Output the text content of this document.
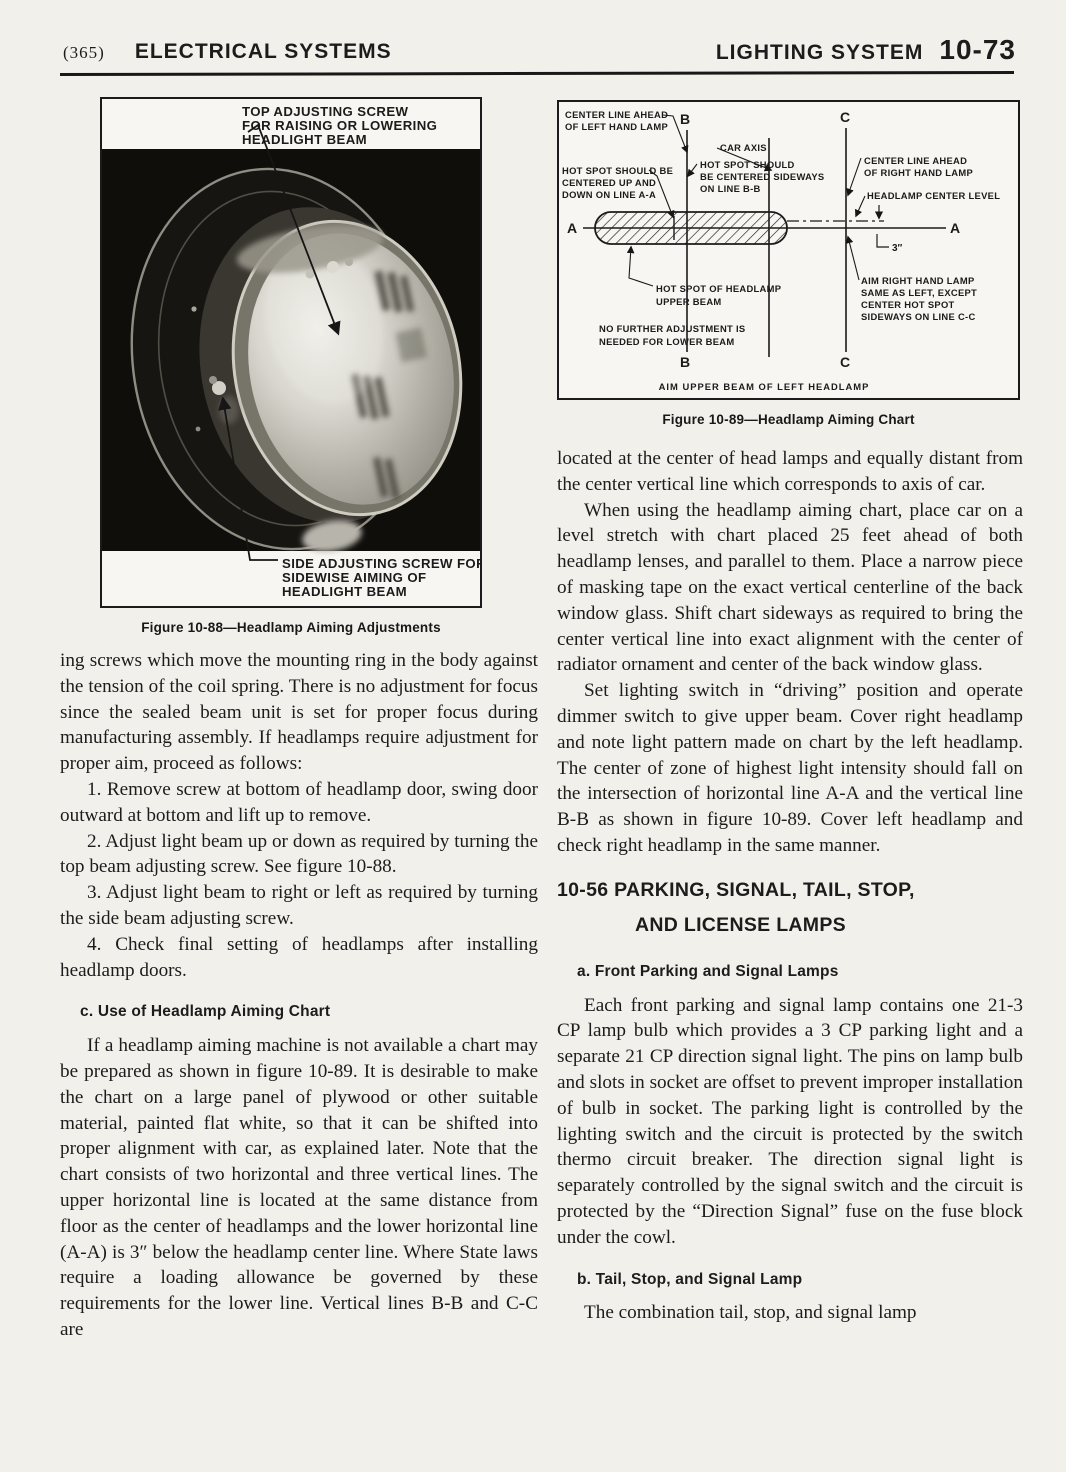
(365) ELECTRICAL SYSTEMS	LIGHTING SYSTEM 10-73
TOP ADJUSTING SCREW
FOR RAISING OR LOWERING
HEADLIGHT BEAM
SIDE ADJUSTING SCREW FOR
SIDEWISE AIMING OF
HEADLIGHT BEAM
Figure 10-88—Headlamp Aiming Adjustments
CENTER LINE AHEAD
OF LEFT HAND LAMP B	C
CAR AXIS
HOT SPOT SHOULD BE
CENTERED UP AND
DOWN ON LINE A-A
HOT SPOT SHOULD
BE CENTERED SIDEWAYS
ON LINE B-B
CENTER LINE AHEAD
OF RIGHT HAND LAMP
HEADLAMP CENTER LEVEL
A	A
3″
HOT SPOT OF HEADLAMP
UPPER BEAM
NO FURTHER ADJUSTMENT IS
NEEDED FOR LOWER BEAM
B	C
AIM RIGHT HAND LAMP
SAME AS LEFT, EXCEPT
CENTER HOT SPOT
SIDEWAYS ON LINE C-C
AIM UPPER BEAM OF LEFT HEADLAMP
Figure 10-89—Headlamp Aiming Chart

ing screws which move the mounting ring in the body against the tension of the coil spring. There is no adjustment for focus since the sealed beam unit is set for proper focus during manufacturing assembly. If headlamps require adjustment for proper aim, proceed as follows:

1. Remove screw at bottom of headlamp door, swing door outward at bottom and lift up to remove.

2. Adjust light beam up or down as required by turning the top beam adjusting screw. See figure 10-88.

3. Adjust light beam to right or left as required by turning the side beam adjusting screw.

4. Check final setting of headlamps after installing headlamp doors.

c. Use of Headlamp Aiming Chart

If a headlamp aiming machine is not available a chart may be prepared as shown in figure 10-89. It is desirable to make the chart on a large panel of plywood or other suitable material, painted flat white, so that it can be shifted into proper alignment with car, as explained later. Note that the chart consists of two horizontal and three vertical lines. The upper horizontal line is located at the same distance from floor as the center of headlamps and the lower horizontal line (A-A) is 3″ below the headlamp center line. Where State laws require a loading allowance be governed by these requirements for the lower line. Vertical lines B-B and C-C are

located at the center of head lamps and equally distant from the center vertical line which corresponds to axis of car.

When using the headlamp aiming chart, place car on a level stretch with chart placed 25 feet ahead of both headlamp lenses, and parallel to them. Place a narrow piece of masking tape on the exact vertical centerline of the back window glass. Shift chart sideways as required to bring the center vertical line into exact alignment with the center of radiator ornament and center of the back window glass.

Set lighting switch in “driving” position and operate dimmer switch to give upper beam. Cover right headlamp and note light pattern made on chart by the left headlamp. The center of zone of highest light intensity should fall on the intersection of horizontal line A-A and the vertical line B-B as shown in figure 10-89. Cover left headlamp and check right headlamp in the same manner.

10-56 PARKING, SIGNAL, TAIL, STOP,
AND LICENSE LAMPS
a. Front Parking and Signal Lamps

Each front parking and signal lamp contains one 21-3 CP lamp bulb which provides a 3 CP parking light and a separate 21 CP direction signal light. The pins on lamp bulb and slots in socket are offset to prevent improper installation of bulb in socket. The parking light is controlled by the lighting switch and the circuit is protected by the switch thermo circuit breaker. The direction signal light is separately controlled by the signal switch and the circuit is protected by the “Direction Signal” fuse on the fuse block under the cowl.

b. Tail, Stop, and Signal Lamp

The combination tail, stop, and signal lamp
